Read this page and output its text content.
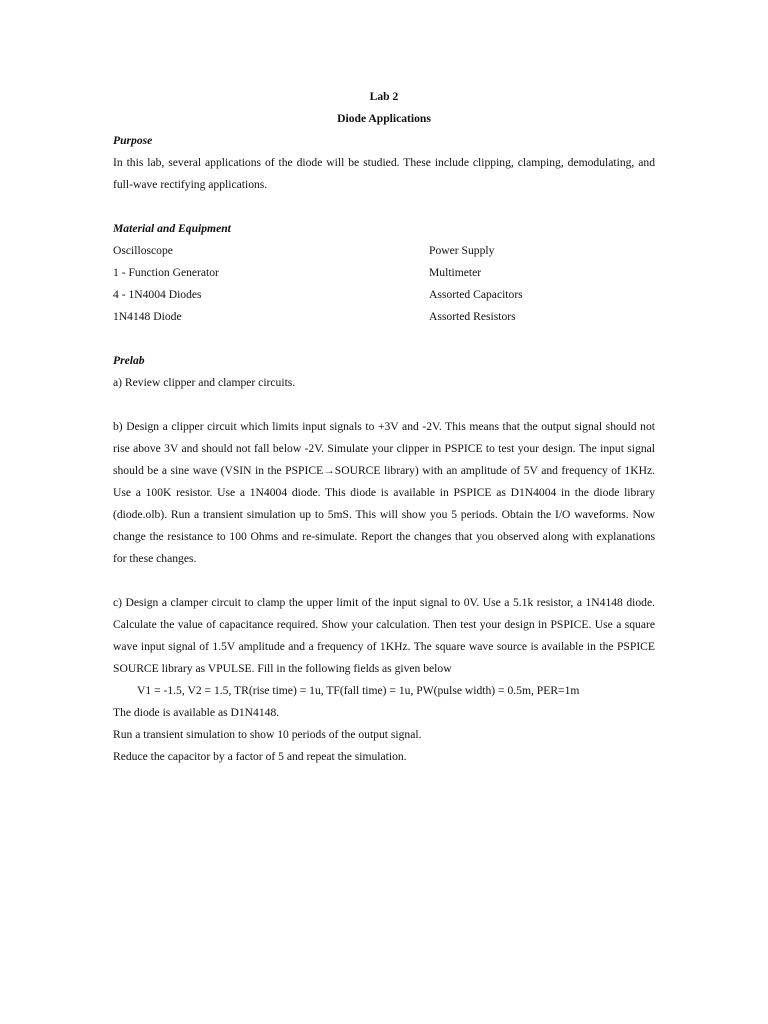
Lab 2
Diode Applications
Purpose
In this lab, several applications of the diode will be studied. These include clipping, clamping, demodulating, and full-wave rectifying applications.
Material and Equipment
Oscilloscope	Power Supply
1 - Function Generator	Multimeter
4 - 1N4004 Diodes	Assorted Capacitors
1N4148 Diode	Assorted Resistors
Prelab
a) Review clipper and clamper circuits.
b) Design a clipper circuit which limits input signals to +3V and -2V. This means that the output signal should not rise above 3V and should not fall below -2V. Simulate your clipper in PSPICE to test your design. The input signal should be a sine wave (VSIN in the PSPICE→SOURCE library) with an amplitude of 5V and frequency of 1KHz. Use a 100K resistor. Use a 1N4004 diode. This diode is available in PSPICE as D1N4004 in the diode library (diode.olb). Run a transient simulation up to 5mS. This will show you 5 periods. Obtain the I/O waveforms. Now change the resistance to 100 Ohms and re-simulate. Report the changes that you observed along with explanations for these changes.
c) Design a clamper circuit to clamp the upper limit of the input signal to 0V. Use a 5.1k resistor, a 1N4148 diode. Calculate the value of capacitance required. Show your calculation. Then test your design in PSPICE. Use a square wave input signal of 1.5V amplitude and a frequency of 1KHz. The square wave source is available in the PSPICE SOURCE library as VPULSE. Fill in the following fields as given below
V1 = -1.5, V2 = 1.5, TR(rise time) = 1u, TF(fall time) = 1u, PW(pulse width) = 0.5m, PER=1m
The diode is available as D1N4148.
Run a transient simulation to show 10 periods of the output signal.
Reduce the capacitor by a factor of 5 and repeat the simulation.
